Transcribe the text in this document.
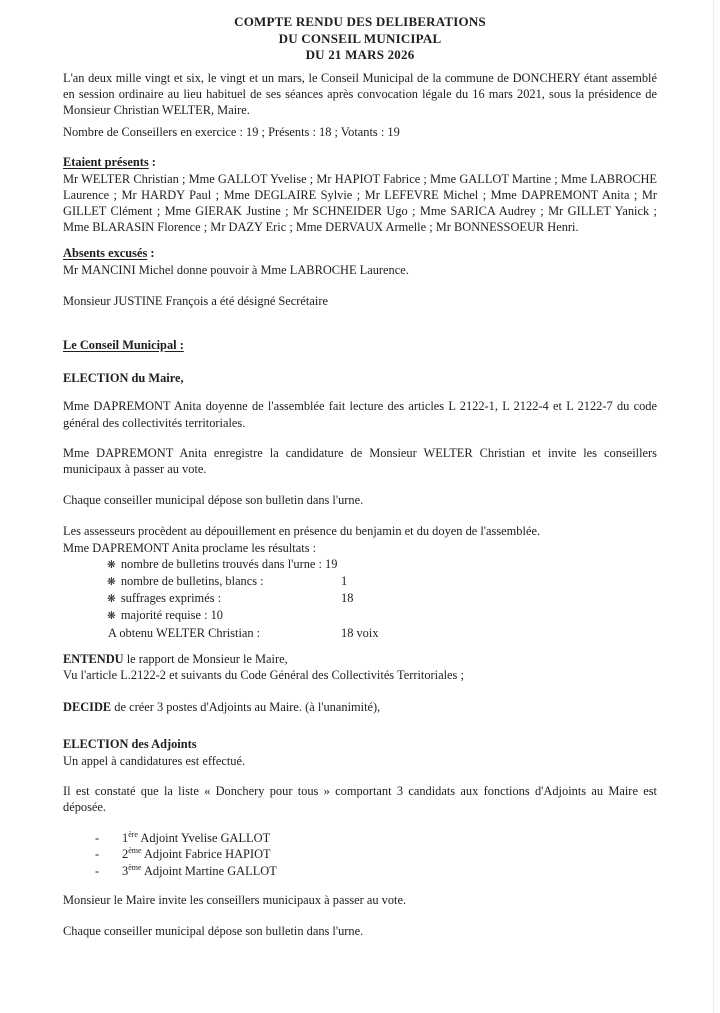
COMPTE RENDU DES DELIBERATIONS
DU CONSEIL MUNICIPAL
DU 21 MARS 2026

L'an deux mille vingt et six, le vingt et un mars, le Conseil Municipal de la commune de DONCHERY étant assemblé en session ordinaire au lieu habituel de ses séances après convocation légale du 16 mars 2021, sous la présidence de Monsieur Christian WELTER, Maire.

Nombre de Conseillers en exercice : 19 ; Présents : 18 ; Votants : 19

Etaient présents :

Mr WELTER Christian ; Mme GALLOT Yvelise ; Mr HAPIOT Fabrice ; Mme GALLOT Martine ; Mme LABROCHE Laurence ; Mr HARDY Paul ; Mme DEGLAIRE Sylvie ; Mr LEFEVRE Michel ; Mme DAPREMONT Anita ; Mr GILLET Clément ; Mme GIERAK Justine ; Mr SCHNEIDER Ugo ; Mme SARICA Audrey ; Mr GILLET Yanick ; Mme BLARASIN Florence ; Mr DAZY Eric ; Mme DERVAUX Armelle ; Mr BONNESSOEUR Henri.

Absents excusés :

Mr MANCINI Michel donne pouvoir à Mme LABROCHE Laurence.

Monsieur JUSTINE François a été désigné Secrétaire

Le Conseil Municipal :

ELECTION du Maire,

Mme DAPREMONT Anita doyenne de l'assemblée fait lecture des articles L 2122-1, L 2122-4 et L 2122-7 du code général des collectivités territoriales.

Mme DAPREMONT Anita enregistre la candidature de Monsieur WELTER Christian et invite les conseillers municipaux à passer au vote.

Chaque conseiller municipal dépose son bulletin dans l'urne.

Les assesseurs procèdent au dépouillement en présence du benjamin et du doyen de l'assemblée.

Mme DAPREMONT Anita proclame les résultats :

❋ nombre de bulletins trouvés dans l'urne : 19
❋ nombre de bulletins, blancs :	1
❋ suffrages exprimés :	18
❋ majorité requise : 10
A obtenu WELTER Christian :	18 voix

ENTENDU le rapport de Monsieur le Maire,

Vu l'article L.2122-2 et suivants du Code Général des Collectivités Territoriales ;

DECIDE de créer 3 postes d'Adjoints au Maire. (à l'unanimité),

ELECTION des Adjoints

Un appel à candidatures est effectué.

Il est constaté que la liste « Donchery pour tous » comportant 3 candidats aux fonctions d'Adjoints au Maire est déposée.

-	1ère Adjoint Yvelise GALLOT
-	2ème Adjoint Fabrice HAPIOT
-	3ème Adjoint Martine GALLOT

Monsieur le Maire invite les conseillers municipaux à passer au vote.

Chaque conseiller municipal dépose son bulletin dans l'urne.
